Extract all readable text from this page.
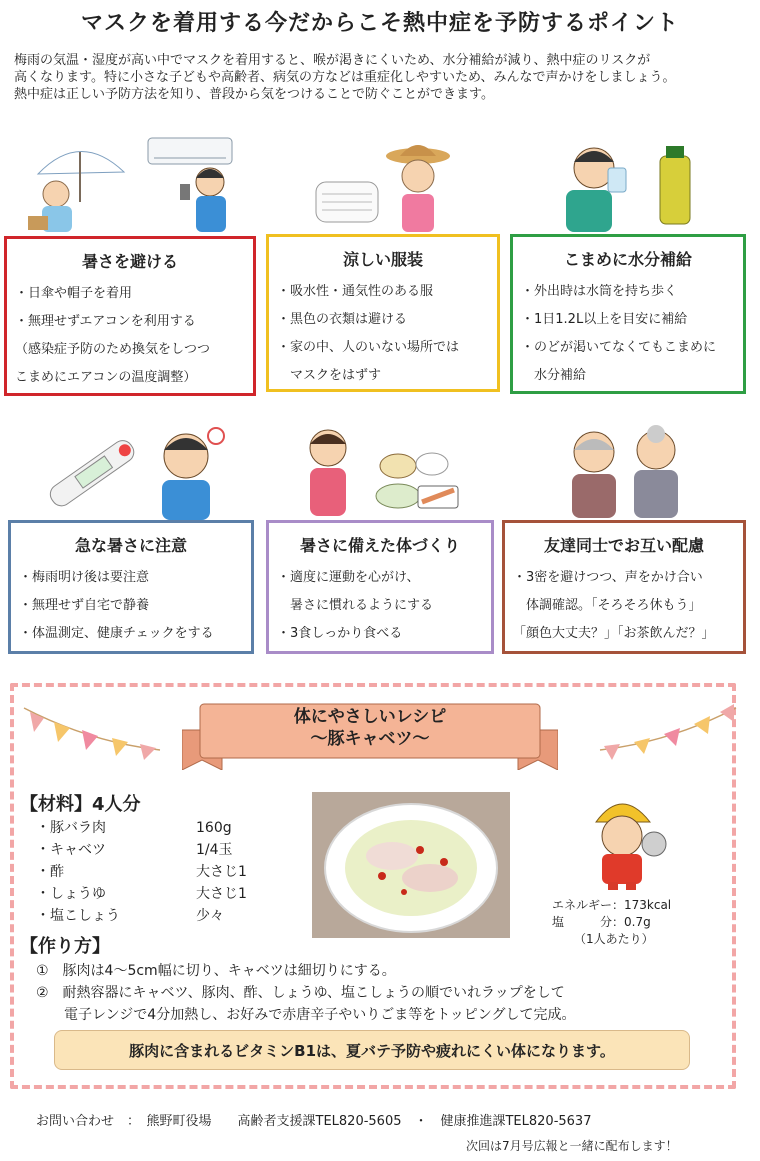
マスクを着用する今だからこそ熱中症を予防するポイント
梅雨の気温・湿度が高い中でマスクを着用すると、喉が渇きにくいため、水分補給が減り、熱中症のリスクが
高くなります。特に小さな子どもや高齢者、病気の方などは重症化しやすいため、みんなで声かけをしましょう。
熱中症は正しい予防方法を知り、普段から気をつけることで防ぐことができます。
暑さを避ける
・日傘や帽子を着用
・無理せずエアコンを利用する
（感染症予防のため換気をしつつ
こまめにエアコンの温度調整）
涼しい服装
・吸水性・通気性のある服
・黒色の衣類は避ける
・家の中、人のいない場所では
　マスクをはずす
こまめに水分補給
・外出時は水筒を持ち歩く
・1日1.2L以上を目安に補給
・のどが渇いてなくてもこまめに
　水分補給
急な暑さに注意
・梅雨明け後は要注意
・無理せず自宅で静養
・体温測定、健康チェックをする
暑さに備えた体づくり
・適度に運動を心がけ、
　暑さに慣れるようにする
・3食しっかり食べる
友達同士でお互い配慮
・3密を避けつつ、声をかけ合い
　体調確認。「そろそろ休もう」
「顔色大丈夫？」「お茶飲んだ？」
体にやさしいレシピ
～豚キャベツ～
【材料】4人分
・豚バラ肉	160g
・キャベツ	1/4玉
・酢	大さじ1
・しょうゆ	大さじ1
・塩こしょう	少々
エネルギー：173kcal
塩　　　分：0.7g
（1人あたり）
【作り方】
①　豚肉は4～5cm幅に切り、キャベツは細切りにする。
②　耐熱容器にキャベツ、豚肉、酢、しょうゆ、塩こしょうの順でいれラップをして
　　電子レンジで4分加熱し、お好みで赤唐辛子やいりごま等をトッピングして完成。
豚肉に含まれるビタミンB1は、夏バテ予防や疲れにくい体になります。
お問い合わせ　：　熊野町役場　　高齢者支援課TEL820-5605　・　健康推進課TEL820-5637
次回は7月号広報と一緒に配布します！
